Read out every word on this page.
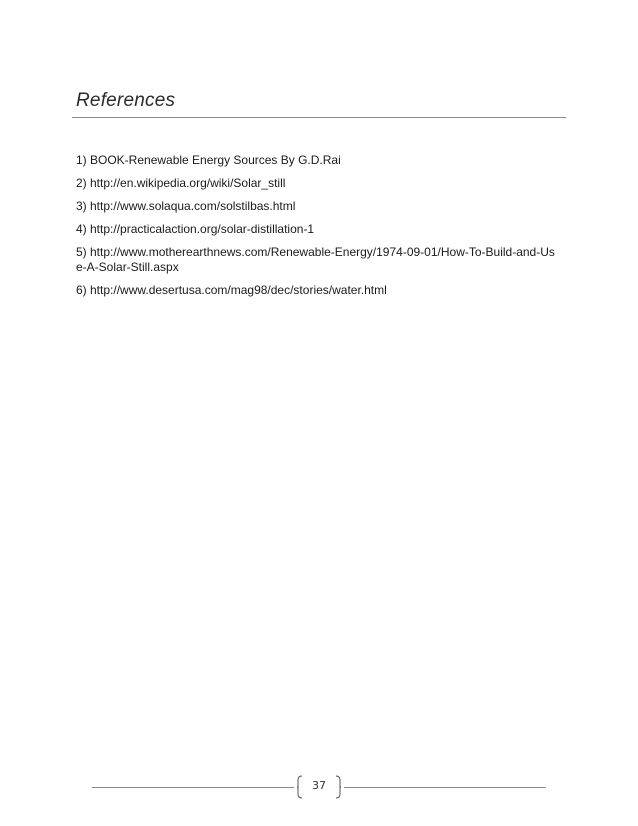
References
1) BOOK-Renewable Energy Sources By G.D.Rai
2) http://en.wikipedia.org/wiki/Solar_still
3) http://www.solaqua.com/solstilbas.html
4) http://practicalaction.org/solar-distillation-1
5) http://www.motherearthnews.com/Renewable-Energy/1974-09-01/How-To-Build-and-Use-A-Solar-Still.aspx
6) http://www.desertusa.com/mag98/dec/stories/water.html
37
